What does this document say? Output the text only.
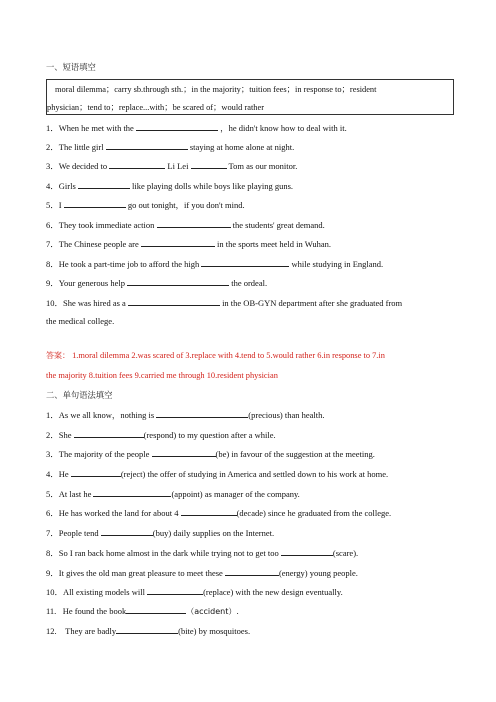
一、短语填空
moral dilemma；carry sb.through sth.；in the majority；tuition fees；in response to；resident
physician；tend to；replace...with；be scared of；would rather
1．When he met with the	，he didn't know how to deal with it.
2．The little girl	staying at home alone at night.
3．We decided to	Li Lei	Tom as our monitor.
4．Girls	like playing dolls while boys like playing guns.
5．I	go out tonight，if you don't mind.
6．They took immediate action	the students' great demand.
7．The Chinese people are	in the sports meet held in Wuhan.
8．He took a part-time job to afford the high	while studying in England.
9．Your generous help	the ordeal.
10．She was hired as a	in the OB-GYN department after she graduated from
the medical college.
答案： 1.moral dilemma 2.was scared of 3.replace with 4.tend to 5.would rather 6.in response to 7.in
the majority 8.tuition fees 9.carried me through 10.resident physician
二、单句语法填空
1．As we all know，nothing is	(precious) than health.
2．She	(respond) to my question after a while.
3．The majority of the people	(be) in favour of the suggestion at the meeting.
4．He	(reject) the offer of studying in America and settled down to his work at home.
5．At last he	(appoint) as manager of the company.
6．He has worked the land for about 4	(decade) since he graduated from the college.
7．People tend	(buy) daily supplies on the Internet.
8．So I ran back home almost in the dark while trying not to get too	(scare).
9．It gives the old man great pleasure to meet these	(energy) young people.
10．All existing models will	(replace) with the new design eventually.
11. He found the book	（accident）.
12. They are badly	(bite) by mosquitoes.
